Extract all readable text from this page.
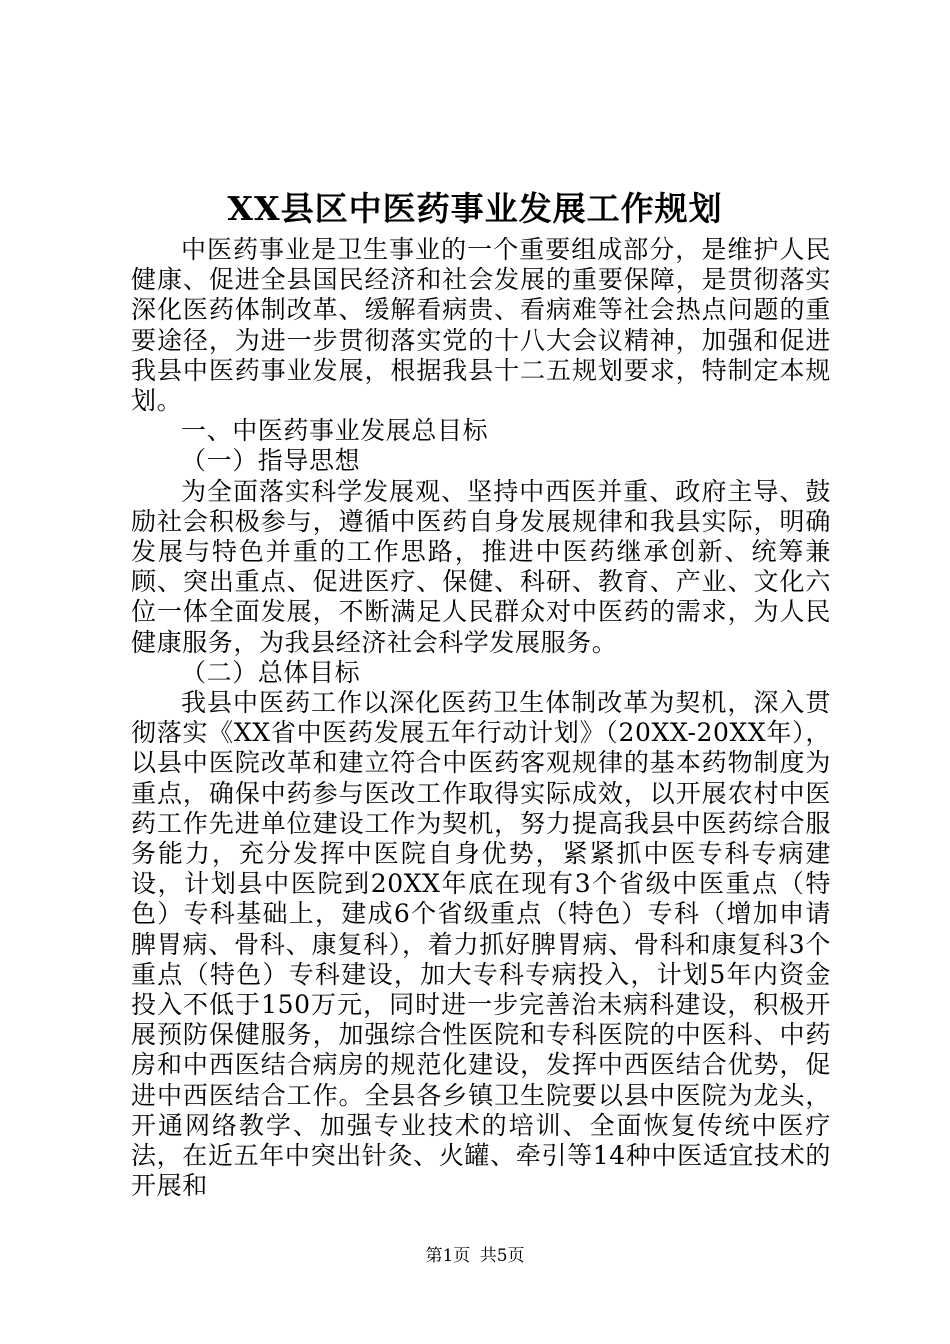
XX县区中医药事业发展工作规划

中医药事业是卫生事业的一个重要组成部分，是维护人民健康、促进全县国民经济和社会发展的重要保障，是贯彻落实深化医药体制改革、缓解看病贵、看病难等社会热点问题的重要途径，为进一步贯彻落实党的十八大会议精神，加强和促进我县中医药事业发展，根据我县十二五规划要求，特制定本规划。

一、中医药事业发展总目标

（一）指导思想

为全面落实科学发展观、坚持中西医并重、政府主导、鼓励社会积极参与，遵循中医药自身发展规律和我县实际，明确发展与特色并重的工作思路，推进中医药继承创新、统筹兼顾、突出重点、促进医疗、保健、科研、教育、产业、文化六位一体全面发展，不断满足人民群众对中医药的需求，为人民健康服务，为我县经济社会科学发展服务。

（二）总体目标

我县中医药工作以深化医药卫生体制改革为契机，深入贯彻落实《XX省中医药发展五年行动计划》（20XX-20XX年），以县中医院改革和建立符合中医药客观规律的基本药物制度为重点，确保中药参与医改工作取得实际成效，以开展农村中医药工作先进单位建设工作为契机，努力提高我县中医药综合服务能力，充分发挥中医院自身优势，紧紧抓中医专科专病建设，计划县中医院到20XX年底在现有3个省级中医重点（特色）专科基础上，建成6个省级重点（特色）专科（增加申请脾胃病、骨科、康复科），着力抓好脾胃病、骨科和康复科3个重点（特色）专科建设，加大专科专病投入，计划5年内资金投入不低于150万元，同时进一步完善治未病科建设，积极开展预防保健服务，加强综合性医院和专科医院的中医科、中药房和中西医结合病房的规范化建设，发挥中西医结合优势，促进中西医结合工作。全县各乡镇卫生院要以县中医院为龙头，开通网络教学、加强专业技术的培训、全面恢复传统中医疗法，在近五年中突出针灸、火罐、牵引等14种中医适宜技术的开展和

第1页 共5页
